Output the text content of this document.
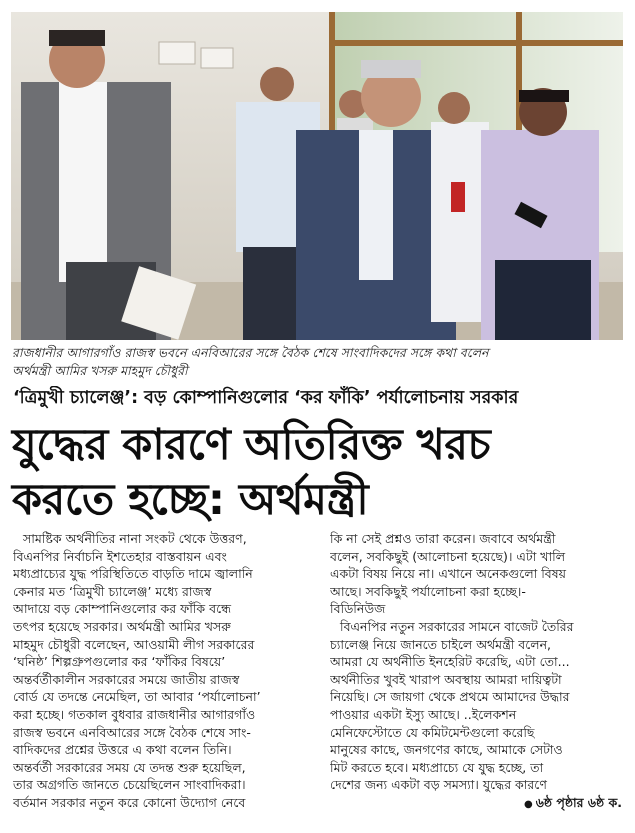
রাজধানীর আগারগাঁও রাজস্ব ভবনে এনবিআরের সঙ্গে বৈঠক শেষে সাংবাদিকদের সঙ্গে কথা বলেন
অর্থমন্ত্রী আমির খসরু মাহমুদ চৌধুরী
‘ত্রিমুখী চ্যালেঞ্জ’: বড় কোম্পানিগুলোর ‘কর ফাঁকি’ পর্যালোচনায় সরকার
যুদ্ধের কারণে অতিরিক্ত খরচ
করতে হচ্ছে: অর্থমন্ত্রী
সামষ্টিক অর্থনীতির নানা সংকট থেকে উত্তরণ,
বিএনপির নির্বাচনি ইশতেহার বাস্তবায়ন এবং
মধ্যপ্রাচ্যের যুদ্ধ পরিস্থিতিতে বাড়তি দামে জ্বালানি
কেনার মত ‘ত্রিমুখী চ্যালেঞ্জ’ মধ্যে রাজস্ব
আদায়ে বড় কোম্পানিগুলোর কর ফাঁকি বন্ধে
তৎপর হয়েছে সরকার। অর্থমন্ত্রী আমির খসরু
মাহমুদ চৌধুরী বলেছেন, আওয়ামী লীগ সরকারের
‘ঘনিষ্ঠ’ শিল্পগ্রুপগুলোর কর ‘ফাঁকির বিষয়ে’
অন্তর্বর্তীকালীন সরকারের সময়ে জাতীয় রাজস্ব
বোর্ড যে তদন্তে নেমেছিল, তা আবার ‘পর্যালোচনা’
করা হচ্ছে। গতকাল বুধবার রাজধানীর আগারগাঁও
রাজস্ব ভবনে এনবিআরের সঙ্গে বৈঠক শেষে সাং-
বাদিকদের প্রশ্নের উত্তরে এ কথা বলেন তিনি।
অন্তর্বর্তী সরকারের সময় যে তদন্ত শুরু হয়েছিল,
তার অগ্রগতি জানতে চেয়েছিলেন সাংবাদিকরা।
বর্তমান সরকার নতুন করে কোনো উদ্যোগ নেবে
কি না সেই প্রশ্নও তারা করেন। জবাবে অর্থমন্ত্রী
বলেন, সবকিছুই (আলোচনা হয়েছে)। এটা খালি
একটা বিষয় নিয়ে না। এখানে অনেকগুলো বিষয়
আছে। সবকিছুই পর্যালোচনা করা হচ্ছে।-
বিডিনিউজ
বিএনপির নতুন সরকারের সামনে বাজেট তৈরির
চ্যালেঞ্জ নিয়ে জানতে চাইলে অর্থমন্ত্রী বলেন,
আমরা যে অর্থনীতি ইনহেরিট করেছি, এটা তো...
অর্থনীতির খুবই খারাপ অবস্থায় আমরা দায়িত্বটা
নিয়েছি। সে জায়গা থেকে প্রথমে আমাদের উদ্ধার
পাওয়ার একটা ইস্যু আছে। ..ইলেকশন
মেনিফেস্টোতে যে কমিটমেন্টগুলো করেছি
মানুষের কাছে, জনগণের কাছে, আমাকে সেটাও
মিট করতে হবে। মধ্যপ্রাচ্যে যে যুদ্ধ হচ্ছে, তা
দেশের জন্য একটা বড় সমস্যা। যুদ্ধের কারণে
● ৬ষ্ঠ পৃষ্ঠার ৬ষ্ঠ ক.
